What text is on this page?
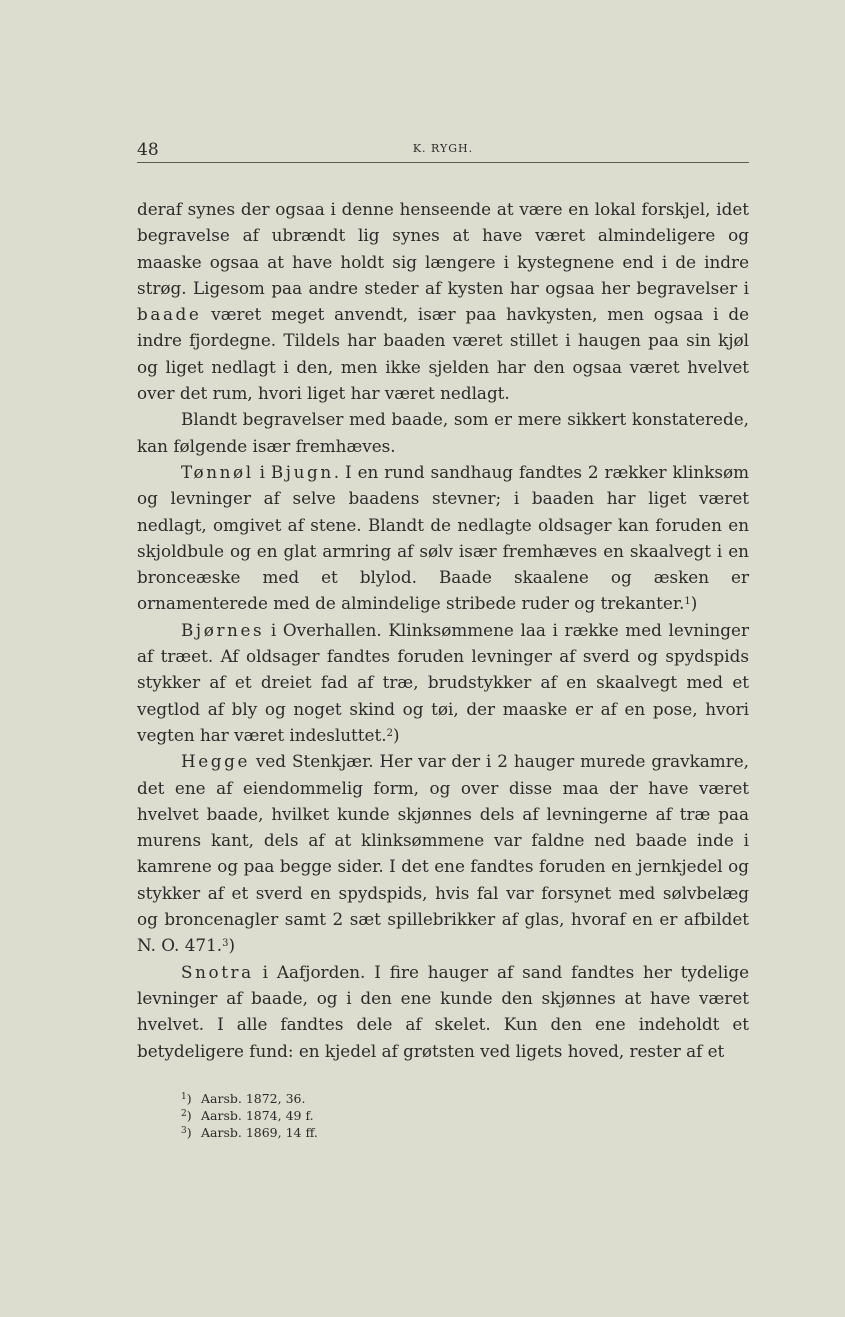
48	K. RYGH.

deraf synes der ogsaa i denne henseende at være en lokal forskjel, idet begravelse af ubrændt lig synes at have været almindeligere og maaske ogsaa at have holdt sig længere i kystegnene end i de indre strøg. Ligesom paa andre steder af kysten har ogsaa her begravelser i baade været meget anvendt, især paa havkysten, men ogsaa i de indre fjordegne. Tildels har baaden været stillet i haugen paa sin kjøl og liget nedlagt i den, men ikke sjelden har den ogsaa været hvelvet over det rum, hvori liget har været nedlagt.

Blandt begravelser med baade, som er mere sikkert konstaterede, kan følgende især fremhæves.

Tønnøl i Bjugn. I en rund sandhaug fandtes 2 rækker klinksøm og levninger af selve baadens stevner; i baaden har liget været nedlagt, omgivet af stene. Blandt de nedlagte oldsager kan foruden en skjoldbule og en glat armring af sølv især fremhæves en skaalvegt i en bronceæske med et blylod. Baade skaalene og æsken er ornamenterede med de almindelige stribede ruder og trekanter.$^1$)

Bjørnes i Overhallen. Klinksømmene laa i række med levninger af træet. Af oldsager fandtes foruden levninger af sverd og spydspids stykker af et dreiet fad af træ, brudstykker af en skaalvegt med et vegtlod af bly og noget skind og tøi, der maaske er af en pose, hvori vegten har været indesluttet.$^2$)

Hegge ved Stenkjær. Her var der i 2 hauger murede gravkamre, det ene af eiendommelig form, og over disse maa der have været hvelvet baade, hvilket kunde skjønnes dels af levningerne af træ paa murens kant, dels af at klinksømmene var faldne ned baade inde i kamrene og paa begge sider. I det ene fandtes foruden en jernkjedel og stykker af et sverd en spydspids, hvis fal var forsynet med sølvbelæg og broncenagler samt 2 sæt spillebrikker af glas, hvoraf en er afbildet N. O. 471.$^3$)

Snotra i Aafjorden. I fire hauger af sand fandtes her tydelige levninger af baade, og i den ene kunde den skjønnes at have været hvelvet. I alle fandtes dele af skelet. Kun den ene indeholdt et betydeligere fund: en kjedel af grøtsten ved ligets hoved, rester af et

$^1$) Aarsb. 1872, 36.
$^2$) Aarsb. 1874, 49 f.
$^3$) Aarsb. 1869, 14 ff.
